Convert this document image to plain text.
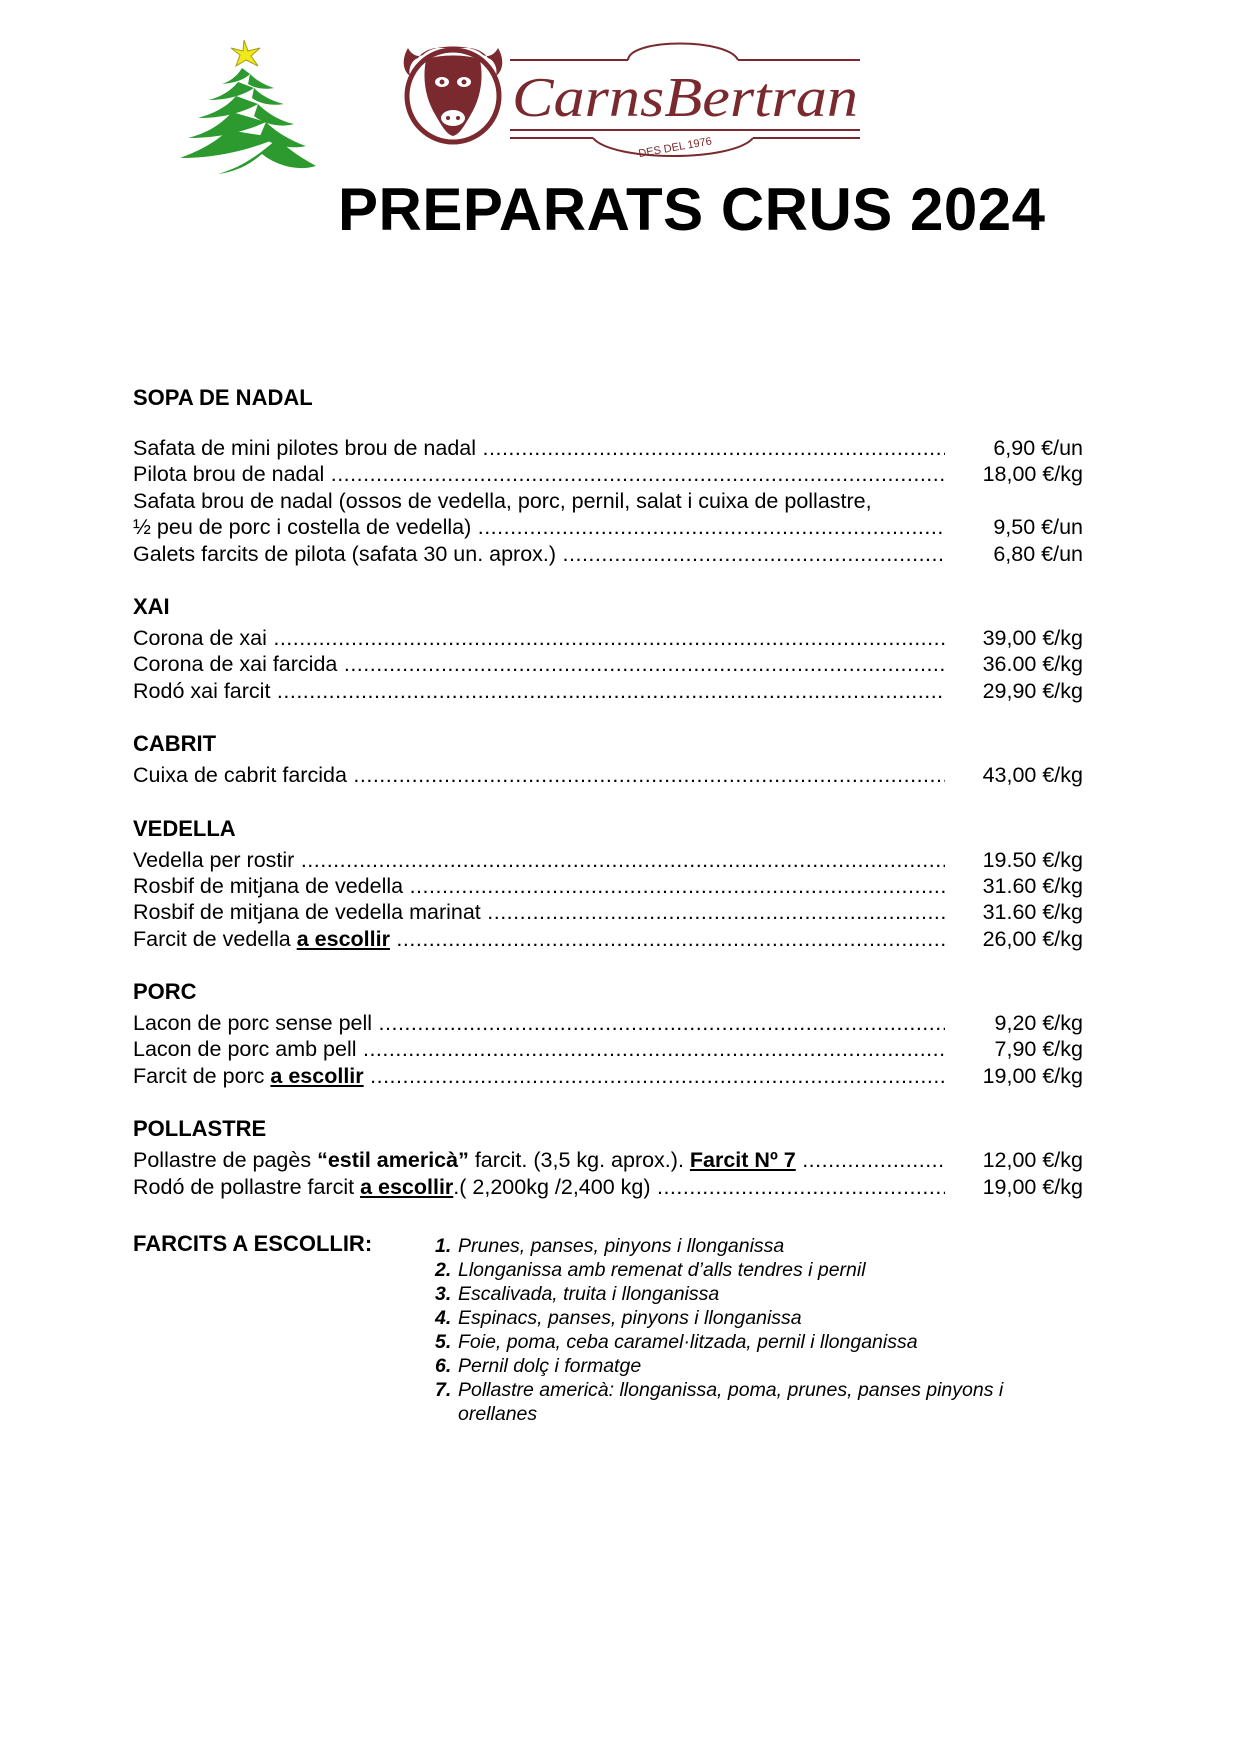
CarnsBertran
DES DEL 1976
PREPARATS CRUS 2024
SOPA DE NADAL
Safata de mini pilotes brou de nadal .....	6,90 €/un
Pilota brou de nadal .....	18,00 €/kg
Safata brou de nadal (ossos de vedella, porc, pernil, salat i cuixa de pollastre,
½ peu de porc i costella de vedella) .....	9,50 €/un
Galets farcits de pilota (safata 30 un. aprox.) .....	6,80 €/un
XAI
Corona de xai .....	39,00 €/kg
Corona de xai farcida .....	36.00 €/kg
Rodó xai farcit .....	29,90 €/kg
CABRIT
Cuixa de cabrit farcida .....	43,00 €/kg
VEDELLA
Vedella per rostir .....	19.50 €/kg
Rosbif de mitjana de vedella .....	31.60 €/kg
Rosbif de mitjana de vedella marinat .....	31.60 €/kg
Farcit de vedella a escollir .....	26,00 €/kg
PORC
Lacon de porc sense pell .....	9,20 €/kg
Lacon de porc amb pell .....	7,90 €/kg
Farcit de porc a escollir .....	19,00 €/kg
POLLASTRE
Pollastre de pagès “estil americà” farcit. (3,5 kg. aprox.). Farcit Nº 7 .....	12,00 €/kg
Rodó de pollastre farcit a escollir.( 2,200kg /2,400 kg) .....	19,00 €/kg
FARCITS A ESCOLLIR:	1. Prunes, panses, pinyons i llonganissa
2. Llonganissa amb remenat d’alls tendres i pernil
3. Escalivada, truita i llonganissa
4. Espinacs, panses, pinyons i llonganissa
5. Foie, poma, ceba caramel·litzada, pernil i llonganissa
6. Pernil dolç i formatge
7. Pollastre americà: llonganissa, poma, prunes, panses pinyons i orellanes
